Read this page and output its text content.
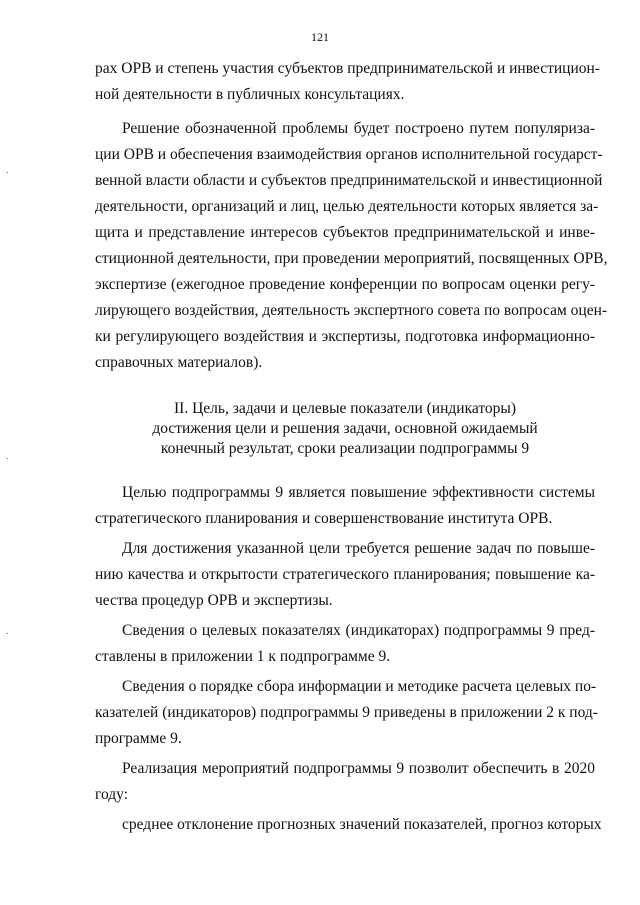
121
рах ОРВ и степень участия субъектов предпринимательской и инвестицион-
ной деятельности в публичных консультациях.
Решение обозначенной проблемы будет построено путем популяриза-
ции ОРВ и обеспечения взаимодействия органов исполнительной государст-
венной власти области и субъектов предпринимательской и инвестиционной
деятельности, организаций и лиц, целью деятельности которых является за-
щита и представление интересов субъектов предпринимательской и инве-
стиционной деятельности, при проведении мероприятий, посвященных ОРВ,
экспертизе (ежегодное проведение конференции по вопросам оценки регу-
лирующего воздействия, деятельность экспертного совета по вопросам оцен-
ки регулирующего воздействия и экспертизы, подготовка информационно-
справочных материалов).
II. Цель, задачи и целевые показатели (индикаторы)
достижения цели и решения задачи, основной ожидаемый
конечный результат, сроки реализации подпрограммы 9
Целью подпрограммы 9 является повышение эффективности системы
стратегического планирования и совершенствование института ОРВ.
Для достижения указанной цели требуется решение задач по повыше-
нию качества и открытости стратегического планирования; повышение ка-
чества процедур ОРВ и экспертизы.
Сведения о целевых показателях (индикаторах) подпрограммы 9 пред-
ставлены в приложении 1 к подпрограмме 9.
Сведения о порядке сбора информации и методике расчета целевых по-
казателей (индикаторов) подпрограммы 9 приведены в приложении 2 к под-
программе 9.
Реализация мероприятий подпрограммы 9 позволит обеспечить в 2020
году:
среднее отклонение прогнозных значений показателей, прогноз которых
